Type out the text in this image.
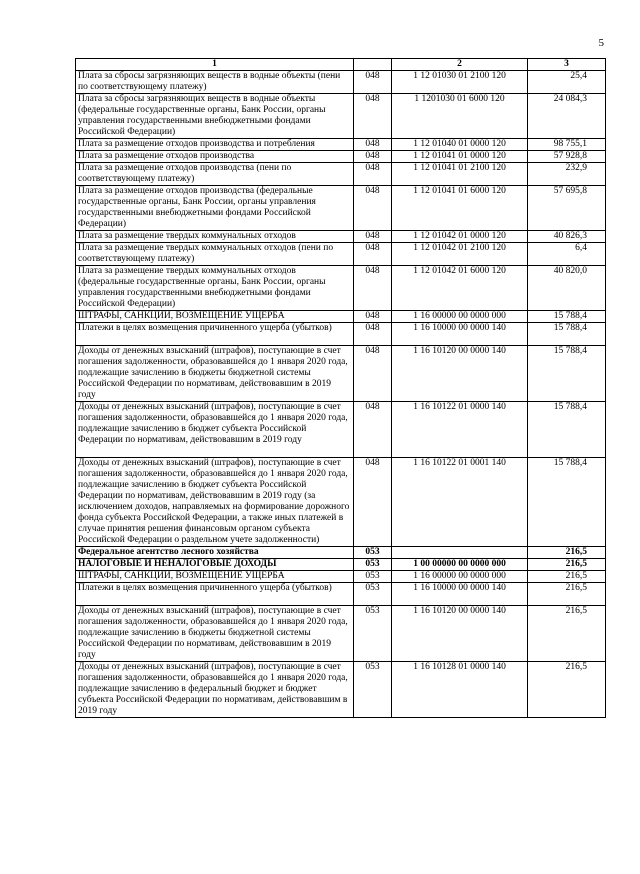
5
1		2	3
Плата за сбросы загрязняющих веществ в водные объекты (пени по соответствующему платежу)	048	1 12 01030 01 2100 120	25,4
Плата за сбросы загрязняющих веществ в водные объекты (федеральные государственные органы, Банк России, органы управления государственными внебюджетными фондами Российской Федерации)	048	1 1201030 01 6000 120	24 084,3
Плата за размещение отходов производства и потребления	048	1 12 01040 01 0000 120	98 755,1
Плата за размещение отходов производства	048	1 12 01041 01 0000 120	57 928,8
Плата за размещение отходов производства (пени по соответствующему платежу)	048	1 12 01041 01 2100 120	232,9
Плата за размещение отходов производства (федеральные государственные органы, Банк России, органы управления государственными внебюджетными фондами Российской Федерации)	048	1 12 01041 01 6000 120	57 695,8
Плата за размещение твердых коммунальных отходов	048	1 12 01042 01 0000 120	40 826,3
Плата за размещение твердых коммунальных отходов (пени по соответствующему платежу)	048	1 12 01042 01 2100 120	6,4
Плата за размещение твердых коммунальных отходов (федеральные государственные органы, Банк России, органы управления государственными внебюджетными фондами Российской Федерации)	048	1 12 01042 01 6000 120	40 820,0
ШТРАФЫ, САНКЦИИ, ВОЗМЕЩЕНИЕ УЩЕРБА	048	1 16 00000 00 0000 000	15 788,4
Платежи в целях возмещения причиненного ущерба (убытков)	048	1 16 10000 00 0000 140	15 788,4
Доходы от денежных взысканий (штрафов), поступающие в счет погашения задолженности, образовавшейся до 1 января 2020 года, подлежащие зачислению в бюджеты бюджетной системы Российской Федерации по нормативам, действовавшим в 2019 году	048	1 16 10120 00 0000 140	15 788,4
Доходы от денежных взысканий (штрафов), поступающие в счет погашения задолженности, образовавшейся до 1 января 2020 года, подлежащие зачислению в бюджет субъекта Российской Федерации по нормативам, действовавшим в 2019 году	048	1 16 10122 01 0000 140	15 788,4
Доходы от денежных взысканий (штрафов), поступающие в счет погашения задолженности, образовавшейся до 1 января 2020 года, подлежащие зачислению в бюджет субъекта Российской Федерации по нормативам, действовавшим в 2019 году (за исключением доходов, направляемых на формирование дорожного фонда субъекта Российской Федерации, а также иных платежей в случае принятия решения финансовым органом субъекта Российской Федерации о раздельном учете задолженности)	048	1 16 10122 01 0001 140	15 788,4
Федеральное агентство лесного хозяйства	053		216,5
НАЛОГОВЫЕ И НЕНАЛОГОВЫЕ ДОХОДЫ	053	1 00 00000 00 0000 000	216,5
ШТРАФЫ, САНКЦИИ, ВОЗМЕЩЕНИЕ УЩЕРБА	053	1 16 00000 00 0000 000	216,5
Платежи в целях возмещения причиненного ущерба (убытков)	053	1 16 10000 00 0000 140	216,5
Доходы от денежных взысканий (штрафов), поступающие в счет погашения задолженности, образовавшейся до 1 января 2020 года, подлежащие зачислению в бюджеты бюджетной системы Российской Федерации по нормативам, действовавшим в 2019 году	053	1 16 10120 00 0000 140	216,5
Доходы от денежных взысканий (штрафов), поступающие в счет погашения задолженности, образовавшейся до 1 января 2020 года, подлежащие зачислению в федеральный бюджет и бюджет субъекта Российской Федерации по нормативам, действовавшим в 2019 году	053	1 16 10128 01 0000 140	216,5
